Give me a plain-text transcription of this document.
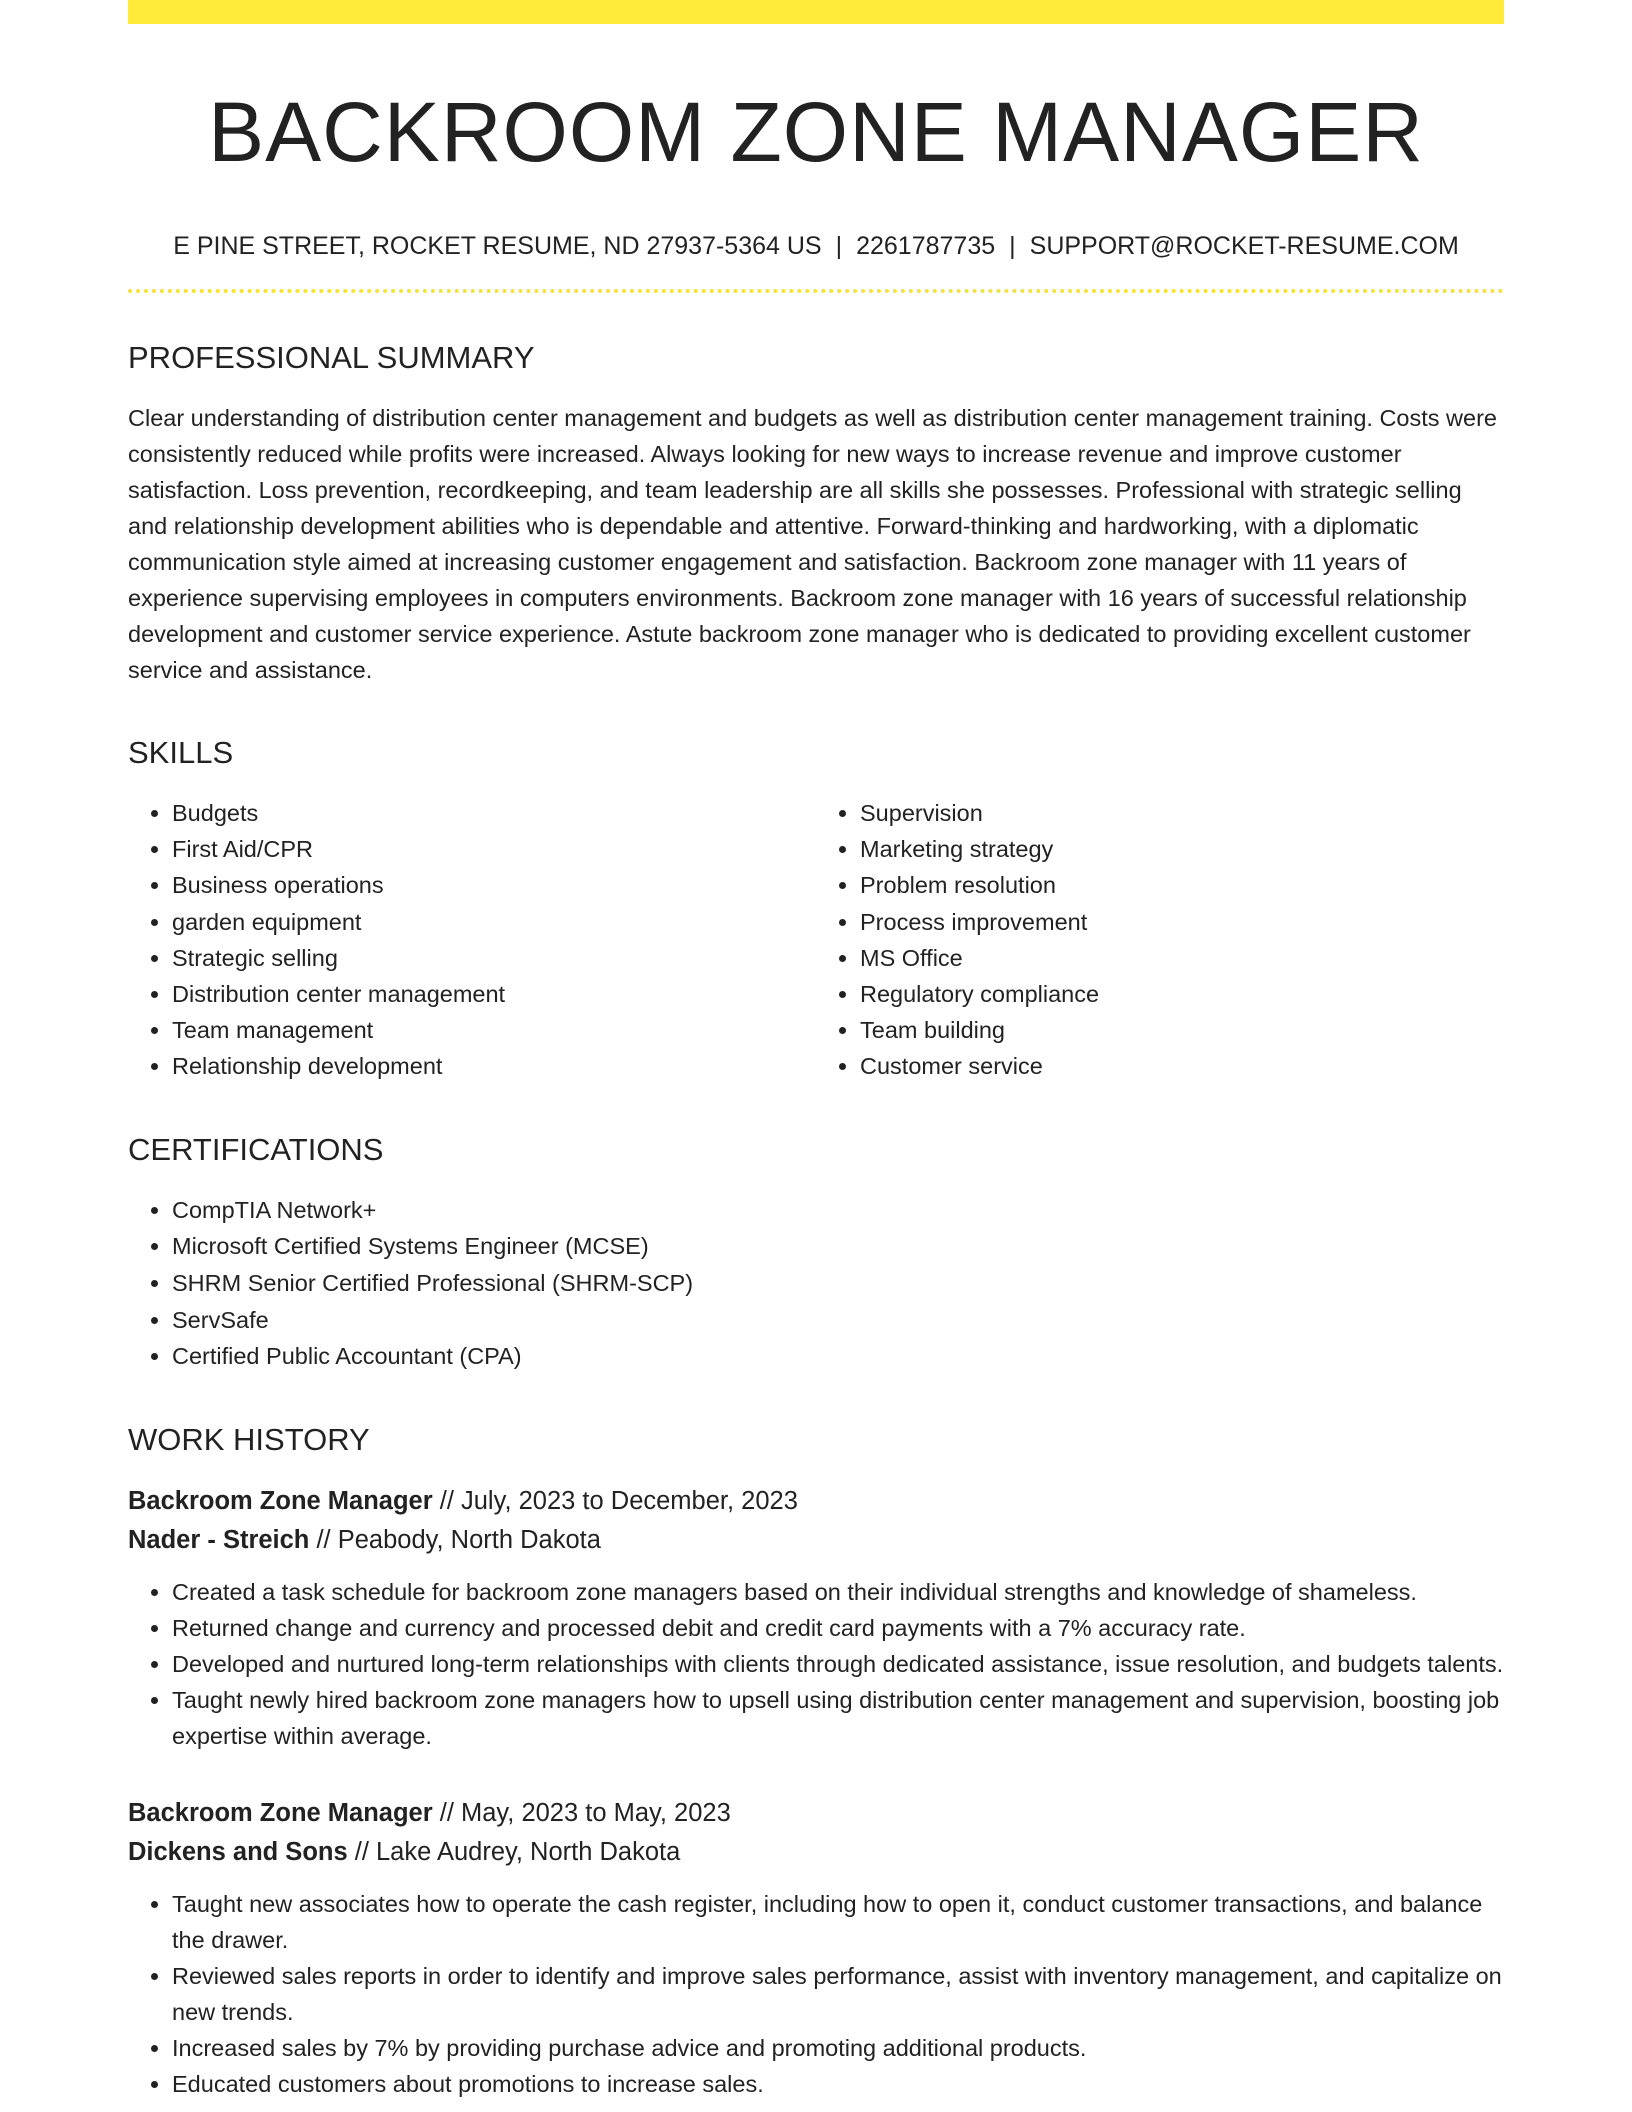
BACKROOM ZONE MANAGER
E PINE STREET, ROCKET RESUME, ND 27937-5364 US | 2261787735 | SUPPORT@ROCKET-RESUME.COM
PROFESSIONAL SUMMARY
Clear understanding of distribution center management and budgets as well as distribution center management training. Costs were consistently reduced while profits were increased. Always looking for new ways to increase revenue and improve customer satisfaction. Loss prevention, recordkeeping, and team leadership are all skills she possesses. Professional with strategic selling and relationship development abilities who is dependable and attentive. Forward-thinking and hardworking, with a diplomatic communication style aimed at increasing customer engagement and satisfaction. Backroom zone manager with 11 years of experience supervising employees in computers environments. Backroom zone manager with 16 years of successful relationship development and customer service experience. Astute backroom zone manager who is dedicated to providing excellent customer service and assistance.
SKILLS
• Budgets
• First Aid/CPR
• Business operations
• garden equipment
• Strategic selling
• Distribution center management
• Team management
• Relationship development
• Supervision
• Marketing strategy
• Problem resolution
• Process improvement
• MS Office
• Regulatory compliance
• Team building
• Customer service
CERTIFICATIONS
• CompTIA Network+
• Microsoft Certified Systems Engineer (MCSE)
• SHRM Senior Certified Professional (SHRM-SCP)
• ServSafe
• Certified Public Accountant (CPA)
WORK HISTORY
Backroom Zone Manager // July, 2023 to December, 2023
Nader - Streich // Peabody, North Dakota
• Created a task schedule for backroom zone managers based on their individual strengths and knowledge of shameless.
• Returned change and currency and processed debit and credit card payments with a 7% accuracy rate.
• Developed and nurtured long-term relationships with clients through dedicated assistance, issue resolution, and budgets talents.
• Taught newly hired backroom zone managers how to upsell using distribution center management and supervision, boosting job expertise within average.
Backroom Zone Manager // May, 2023 to May, 2023
Dickens and Sons // Lake Audrey, North Dakota
• Taught new associates how to operate the cash register, including how to open it, conduct customer transactions, and balance the drawer.
• Reviewed sales reports in order to identify and improve sales performance, assist with inventory management, and capitalize on new trends.
• Increased sales by 7% by providing purchase advice and promoting additional products.
• Educated customers about promotions to increase sales.
